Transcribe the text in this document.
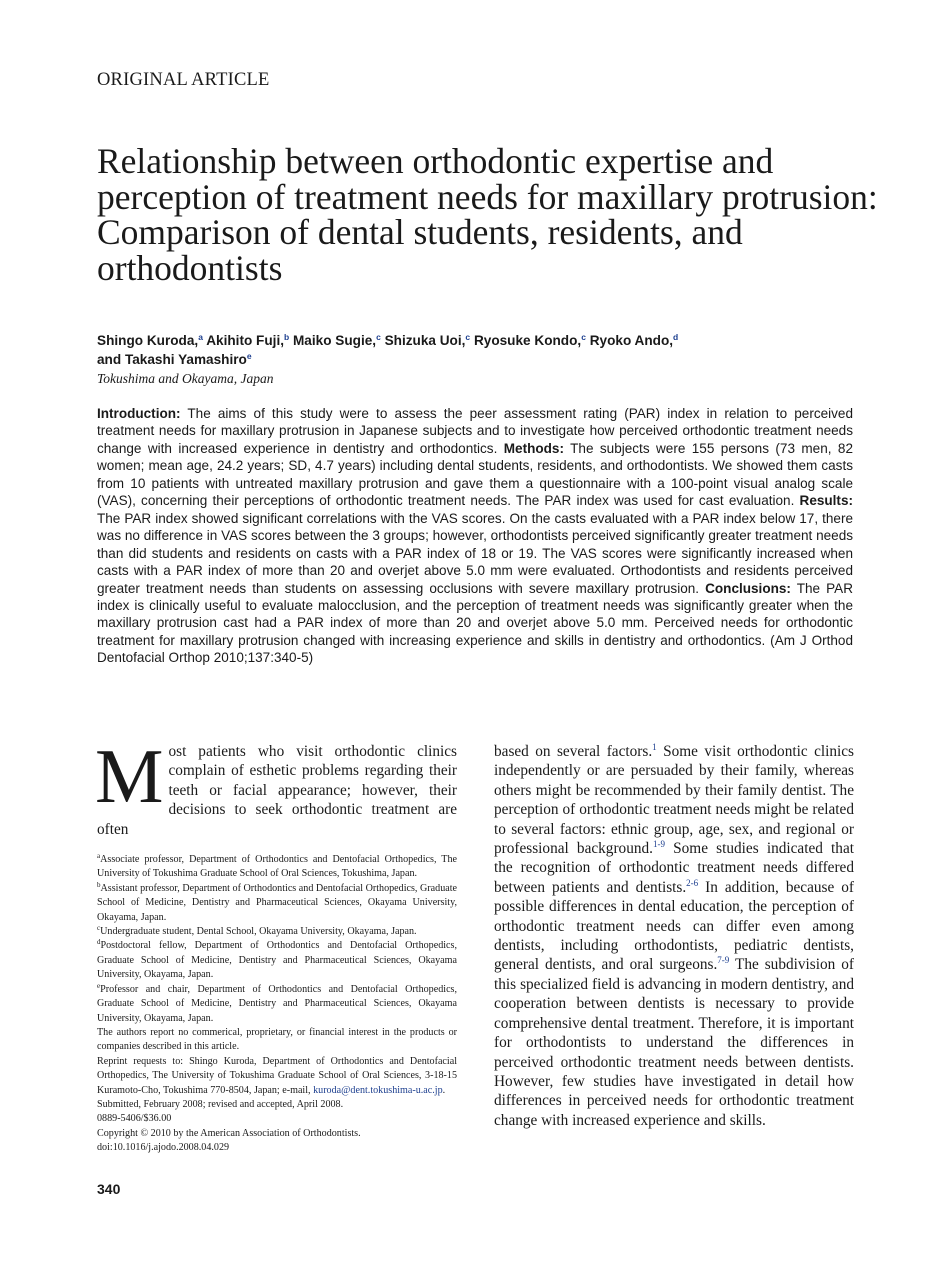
ORIGINAL ARTICLE
Relationship between orthodontic expertise and perception of treatment needs for maxillary protrusion: Comparison of dental students, residents, and orthodontists
Shingo Kuroda,$^a$ Akihito Fuji,$^b$ Maiko Sugie,$^c$ Shizuka Uoi,$^c$ Ryosuke Kondo,$^c$ Ryoko Ando,$^d$
and Takashi Yamashiro$^e$
Tokushima and Okayama, Japan

Introduction: The aims of this study were to assess the peer assessment rating (PAR) index in relation to perceived treatment needs for maxillary protrusion in Japanese subjects and to investigate how perceived orthodontic treatment needs change with increased experience in dentistry and orthodontics. Methods: The subjects were 155 persons (73 men, 82 women; mean age, 24.2 years; SD, 4.7 years) including dental students, residents, and orthodontists. We showed them casts from 10 patients with untreated maxillary protrusion and gave them a questionnaire with a 100-point visual analog scale (VAS), concerning their perceptions of orthodontic treatment needs. The PAR index was used for cast evaluation. Results: The PAR index showed significant correlations with the VAS scores. On the casts evaluated with a PAR index below 17, there was no difference in VAS scores between the 3 groups; however, orthodontists perceived significantly greater treatment needs than did students and residents on casts with a PAR index of 18 or 19. The VAS scores were significantly increased when casts with a PAR index of more than 20 and overjet above 5.0 mm were evaluated. Orthodontists and residents perceived greater treatment needs than students on assessing occlusions with severe maxillary protrusion. Conclusions: The PAR index is clinically useful to evaluate malocclusion, and the perception of treatment needs was significantly greater when the maxillary protrusion cast had a PAR index of more than 20 and overjet above 5.0 mm. Perceived needs for orthodontic treatment for maxillary protrusion changed with increasing experience and skills in dentistry and orthodontics. (Am J Orthod Dentofacial Orthop 2010;137:340-5)

Most patients who visit orthodontic clinics complain of esthetic problems regarding their teeth or facial appearance; however, their decisions to seek orthodontic treatment are often

$^a$Associate professor, Department of Orthodontics and Dentofacial Orthopedics, The University of Tokushima Graduate School of Oral Sciences, Tokushima, Japan.

$^b$Assistant professor, Department of Orthodontics and Dentofacial Orthopedics, Graduate School of Medicine, Dentistry and Pharmaceutical Sciences, Okayama University, Okayama, Japan.

$^c$Undergraduate student, Dental School, Okayama University, Okayama, Japan.

$^d$Postdoctoral fellow, Department of Orthodontics and Dentofacial Orthopedics, Graduate School of Medicine, Dentistry and Pharmaceutical Sciences, Okayama University, Okayama, Japan.

$^e$Professor and chair, Department of Orthodontics and Dentofacial Orthopedics, Graduate School of Medicine, Dentistry and Pharmaceutical Sciences, Okayama University, Okayama, Japan.

The authors report no commerical, proprietary, or financial interest in the products or companies described in this article.

Reprint requests to: Shingo Kuroda, Department of Orthodontics and Dentofacial Orthopedics, The University of Tokushima Graduate School of Oral Sciences, 3-18-15 Kuramoto-Cho, Tokushima 770-8504, Japan; e-mail, kuroda@dent.tokushima-u.ac.jp.

Submitted, February 2008; revised and accepted, April 2008.

0889-5406/$36.00

Copyright © 2010 by the American Association of Orthodontists.

doi:10.1016/j.ajodo.2008.04.029

based on several factors.$^1$ Some visit orthodontic clinics independently or are persuaded by their family, whereas others might be recommended by their family dentist. The perception of orthodontic treatment needs might be related to several factors: ethnic group, age, sex, and regional or professional background.$^{1-9}$ Some studies indicated that the recognition of orthodontic treatment needs differed between patients and dentists.$^{2-6}$ In addition, because of possible differences in dental education, the perception of orthodontic treatment needs can differ even among dentists, including orthodontists, pediatric dentists, general dentists, and oral surgeons.$^{7-9}$ The subdivision of this specialized field is advancing in modern dentistry, and cooperation between dentists is necessary to provide comprehensive dental treatment. Therefore, it is important for orthodontists to understand the differences in perceived orthodontic treatment needs between dentists. However, few studies have investigated in detail how differences in perceived needs for orthodontic treatment change with increased experience and skills.

340
